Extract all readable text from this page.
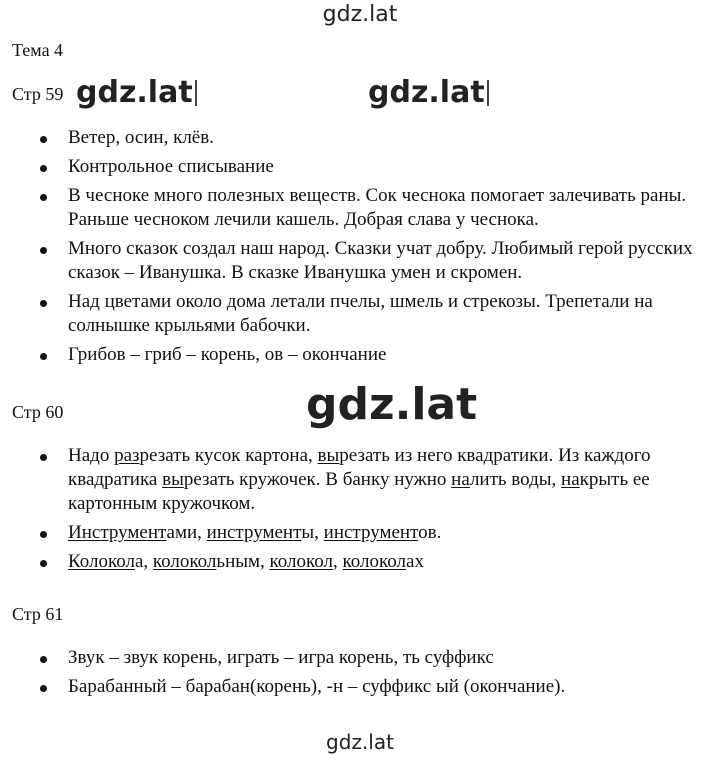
gdz.lat
Тема 4
Стр 59 gdz.lat	gdz.lat
Ветер, осин, клёв.
Контрольное списывание
В чесноке много полезных веществ. Сок чеснока помогает залечивать раны. Раньше чесноком лечили кашель. Добрая слава у чеснока.
Много сказок создал наш народ. Сказки учат добру. Любимый герой русских сказок – Иванушка. В сказке Иванушка умен и скромен.
Над цветами около дома летали пчелы, шмель и стрекозы. Трепетали на солнышке крыльями бабочки.
Грибов – гриб – корень, ов – окончание
Стр 60	gdz.lat
Надо разрезать кусок картона, вырезать из него квадратики. Из каждого квадратика вырезать кружочек. В банку нужно налить воды, накрыть ее картонным кружочком.
Инструментами, инструменты, инструментов.
Колокола, колокольным, колокол, колоколах
Стр 61
Звук – звук корень, играть – игра корень, ть суффикс
Барабанный – барабан(корень), -н – суффикс ый (окончание).
gdz.lat
